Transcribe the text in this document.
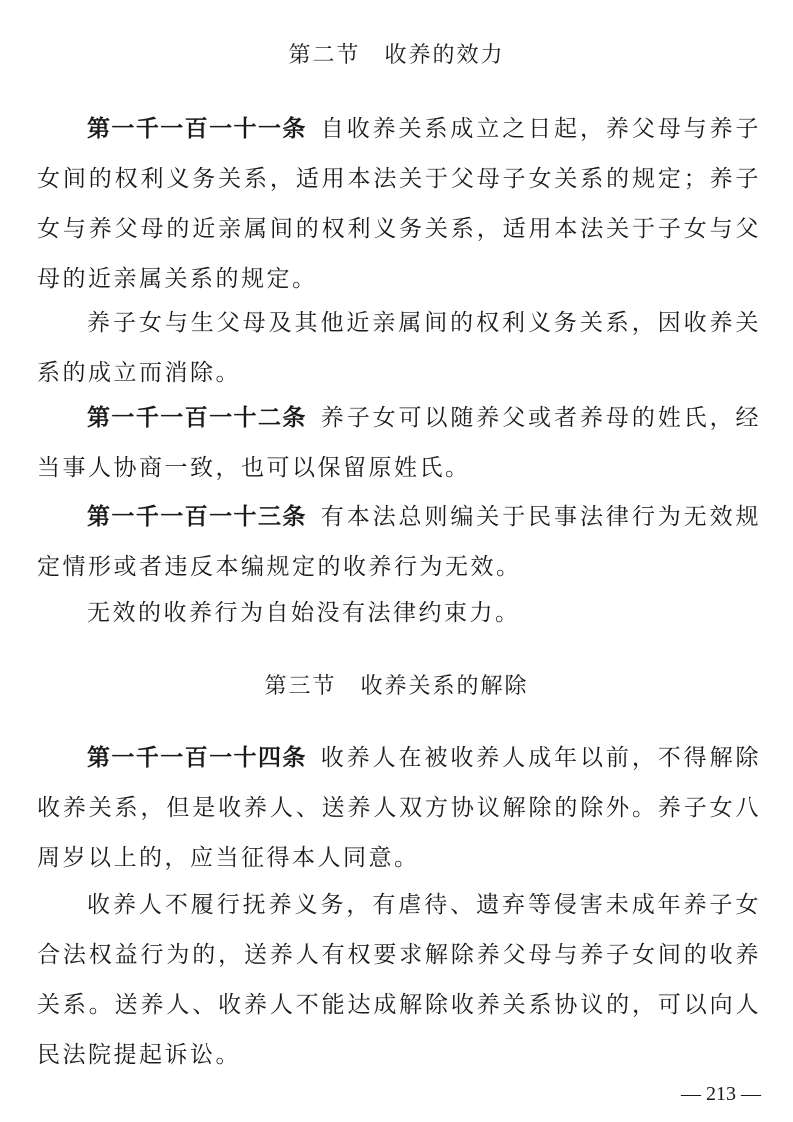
第二节　收养的效力

第一千一百一十一条 自收养关系成立之日起，养父母与养子女间的权利义务关系，适用本法关于父母子女关系的规定；养子女与养父母的近亲属间的权利义务关系，适用本法关于子女与父母的近亲属关系的规定。

养子女与生父母及其他近亲属间的权利义务关系，因收养关系的成立而消除。

第一千一百一十二条 养子女可以随养父或者养母的姓氏，经当事人协商一致，也可以保留原姓氏。

第一千一百一十三条 有本法总则编关于民事法律行为无效规定情形或者违反本编规定的收养行为无效。

无效的收养行为自始没有法律约束力。

第三节　收养关系的解除

第一千一百一十四条 收养人在被收养人成年以前，不得解除收养关系，但是收养人、送养人双方协议解除的除外。养子女八周岁以上的，应当征得本人同意。

收养人不履行抚养义务，有虐待、遗弃等侵害未成年养子女合法权益行为的，送养人有权要求解除养父母与养子女间的收养关系。送养人、收养人不能达成解除收养关系协议的，可以向人民法院提起诉讼。

— 213 —
